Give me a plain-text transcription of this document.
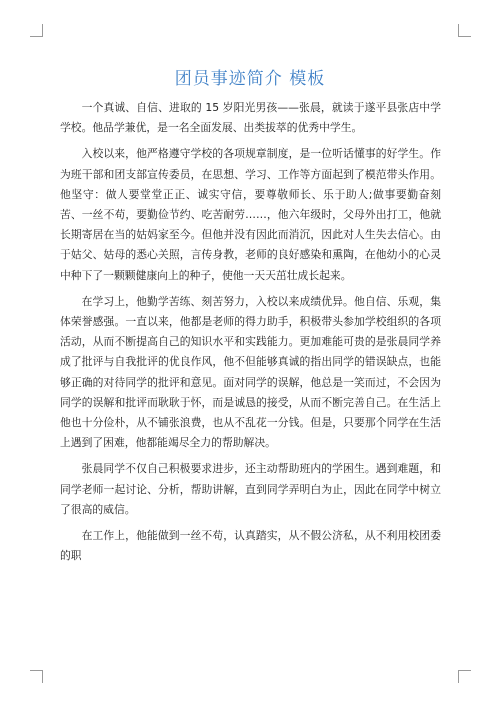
团员事迹简介 模板

一个真诚、自信、进取的 15 岁阳光男孩——张晨，就读于遂平县张店中学学校。他品学兼优，是一名全面发展、出类拔萃的优秀中学生。

入校以来，他严格遵守学校的各项规章制度，是一位听话懂事的好学生。作为班干部和团支部宣传委员，在思想、学习、工作等方面起到了模范带头作用。他坚守：做人要堂堂正正、诚实守信，要尊敬师长、乐于助人;做事要勤奋刻苦、一丝不苟，要勤俭节约、吃苦耐劳……，他六年级时，父母外出打工，他就长期寄居在当的姑妈家至今。但他并没有因此而消沉，因此对人生失去信心。由于姑父、姑母的悉心关照，言传身教，老师的良好感染和熏陶，在他幼小的心灵中种下了一颗颗健康向上的种子，使他一天天茁壮成长起来。

在学习上，他勤学苦练、刻苦努力，入校以来成绩优异。他自信、乐观，集体荣誉感强。一直以来，他都是老师的得力助手，积极带头参加学校组织的各项活动，从而不断提高自己的知识水平和实践能力。更加难能可贵的是张晨同学养成了批评与自我批评的优良作风，他不但能够真诚的指出同学的错误缺点，也能够正确的对待同学的批评和意见。面对同学的误解，他总是一笑而过，不会因为同学的误解和批评而耿耿于怀，而是诚恳的接受，从而不断完善自己。在生活上他也十分俭朴，从不铺张浪费，也从不乱花一分钱。但是，只要那个同学在生活上遇到了困难，他都能竭尽全力的帮助解决。

张晨同学不仅自己积极要求进步，还主动帮助班内的学困生。遇到难题，和同学老师一起讨论、分析，帮助讲解，直到同学弄明白为止，因此在同学中树立了很高的威信。

在工作上，他能做到一丝不苟，认真踏实，从不假公济私，从不利用校团委的职
